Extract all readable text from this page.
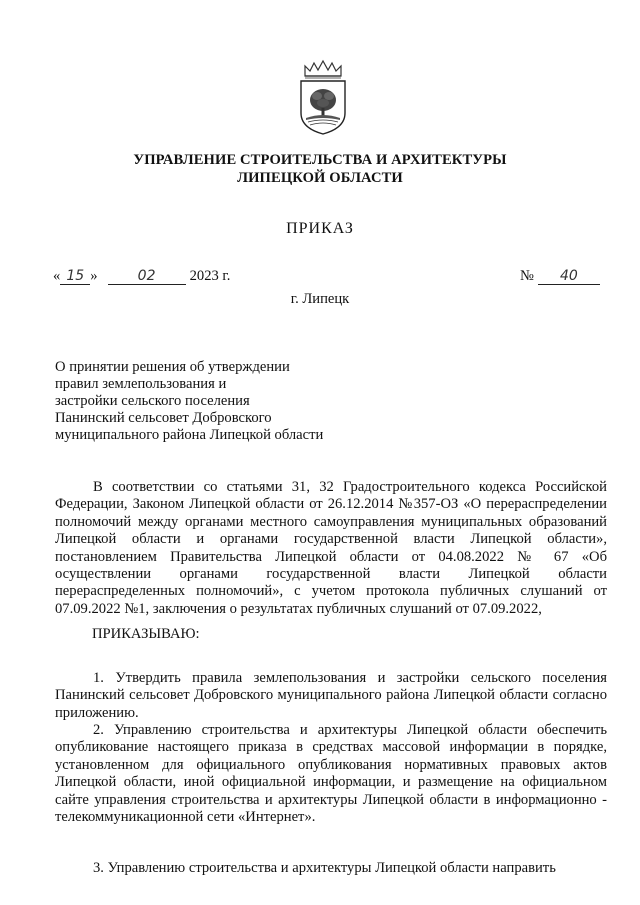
УПРАВЛЕНИЕ СТРОИТЕЛЬСТВА И АРХИТЕКТУРЫ
ЛИПЕЦКОЙ ОБЛАСТИ
ПРИКАЗ
« 15 »	02 2023 г.	№ 40
г. Липецк
О принятии решения об утверждении
правил землепользования и
застройки сельского поселения
Панинский сельсовет Добровского
муниципального района Липецкой области
В соответствии со статьями 31, 32 Градостроительного кодекса Российской Федерации, Законом Липецкой области от 26.12.2014 №357-ОЗ «О перераспределении полномочий между органами местного самоуправления муниципальных образований Липецкой области и органами государственной власти Липецкой области», постановлением Правительства Липецкой области от 04.08.2022 № 67 «Об осуществлении органами государственной власти Липецкой области перераспределенных полномочий», с учетом протокола публичных слушаний от 07.09.2022 №1, заключения о результатах публичных слушаний от 07.09.2022,
ПРИКАЗЫВАЮ:
1. Утвердить правила землепользования и застройки сельского поселения Панинский сельсовет Добровского муниципального района Липецкой области согласно приложению.
2. Управлению строительства и архитектуры Липецкой области обеспечить опубликование настоящего приказа в средствах массовой информации в порядке, установленном для официального опубликования нормативных правовых актов Липецкой области, иной официальной информации, и размещение на официальном сайте управления строительства и архитектуры Липецкой области в информационно - телекоммуникационной сети «Интернет».
3. Управлению строительства и архитектуры Липецкой области направить
